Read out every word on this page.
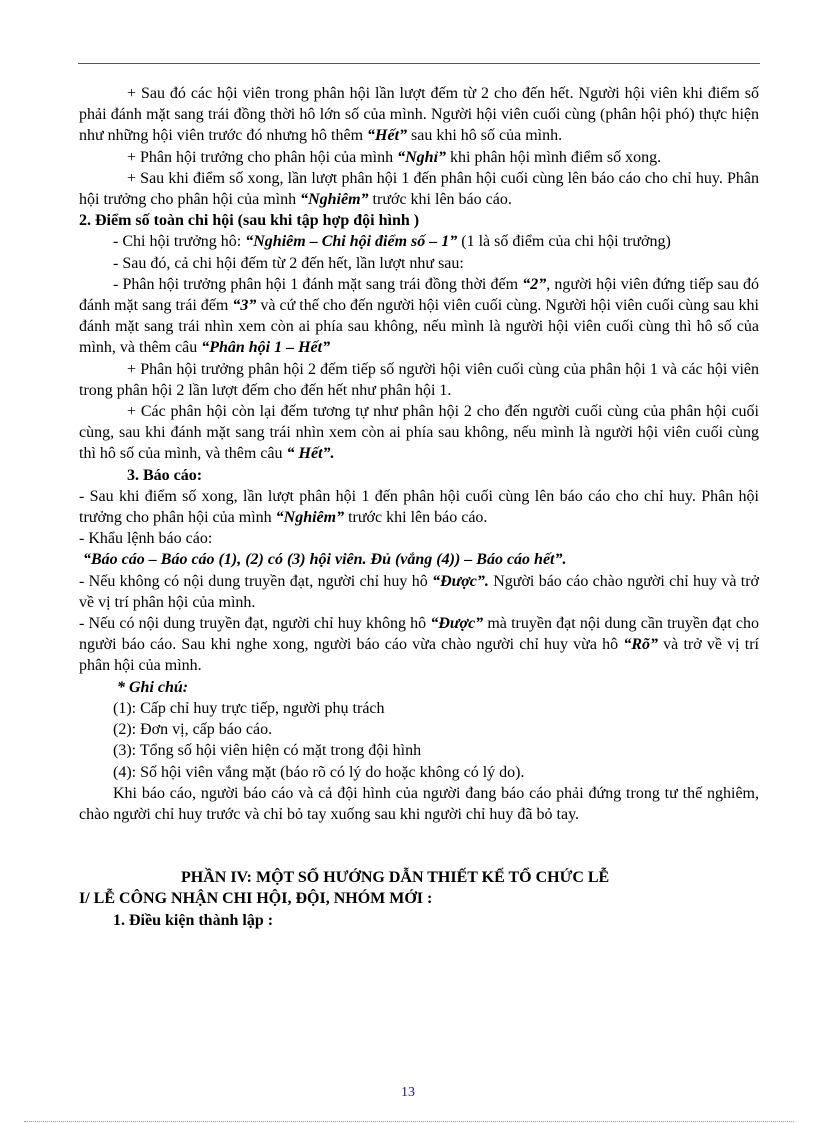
+ Sau đó các hội viên trong phân hội lần lượt đếm từ 2 cho đến hết. Người hội viên khi điểm số phải đánh mặt sang trái đồng thời hô lớn số của mình. Người hội viên cuối cùng (phân hội phó) thực hiện như những hội viên trước đó nhưng hô thêm “Hết” sau khi hô số của mình.

+ Phân hội trưởng cho phân hội của mình “Nghỉ” khi phân hội mình điểm số xong.

+ Sau khi điểm số xong, lần lượt phân hội 1 đến phân hội cuối cùng lên báo cáo cho chỉ huy. Phân hội trưởng cho phân hội của mình “Nghiêm” trước khi lên báo cáo.

2. Điểm số toàn chi hội (sau khi tập hợp đội hình )

- Chi hội trưởng hô: “Nghiêm – Chi hội điểm số – 1” (1 là số điểm của chi hội trưởng)

- Sau đó, cả chi hội đếm từ 2 đến hết, lần lượt như sau:

- Phân hội trưởng phân hội 1 đánh mặt sang trái đồng thời đếm “2”, người hội viên đứng tiếp sau đó đánh mặt sang trái đếm “3” và cứ thế cho đến người hội viên cuối cùng. Người hội viên cuối cùng sau khi đánh mặt sang trái nhìn xem còn ai phía sau không, nếu mình là người hội viên cuối cùng thì hô số của mình, và thêm câu “Phân hội 1 – Hết”

+ Phân hội trưởng phân hội 2 đếm tiếp số người hội viên cuối cùng của phân hội 1 và các hội viên trong phân hội 2 lần lượt đếm cho đến hết như phân hội 1.

+ Các phân hội còn lại đếm tương tự như phân hội 2 cho đến người cuối cùng của phân hội cuối cùng, sau khi đánh mặt sang trái nhìn xem còn ai phía sau không, nếu mình là người hội viên cuối cùng thì hô số của mình, và thêm câu “ Hết”.

3. Báo cáo:

- Sau khi điểm số xong, lần lượt phân hội 1 đến phân hội cuối cùng lên báo cáo cho chỉ huy. Phân hội trưởng cho phân hội của mình “Nghiêm” trước khi lên báo cáo.

- Khẩu lệnh báo cáo:

“Báo cáo – Báo cáo (1), (2) có (3) hội viên. Đủ (vắng (4)) – Báo cáo hết”.

- Nếu không có nội dung truyền đạt, người chỉ huy hô “Được”. Người báo cáo chào người chỉ huy và trở về vị trí phân hội của mình.

- Nếu có nội dung truyền đạt, người chỉ huy không hô “Được” mà truyền đạt nội dung cần truyền đạt cho người báo cáo. Sau khi nghe xong, người báo cáo vừa chào người chỉ huy vừa hô “Rõ” và trở về vị trí phân hội của mình.

* Ghi chú:

(1): Cấp chỉ huy trực tiếp, người phụ trách

(2): Đơn vị, cấp báo cáo.

(3): Tổng số hội viên hiện có mặt trong đội hình

(4): Số hội viên vắng mặt (báo rõ có lý do hoặc không có lý do).

Khi báo cáo, người báo cáo và cả đội hình của người đang báo cáo phải đứng trong tư thế nghiêm, chào người chỉ huy trước và chỉ bỏ tay xuống sau khi người chỉ huy đã bỏ tay.

PHẦN IV: MỘT SỐ HƯỚNG DẪN THIẾT KẾ TỔ CHỨC LỄ

I/ LỄ CÔNG NHẬN CHI HỘI, ĐỘI, NHÓM MỚI :

1. Điều kiện thành lập :

13
